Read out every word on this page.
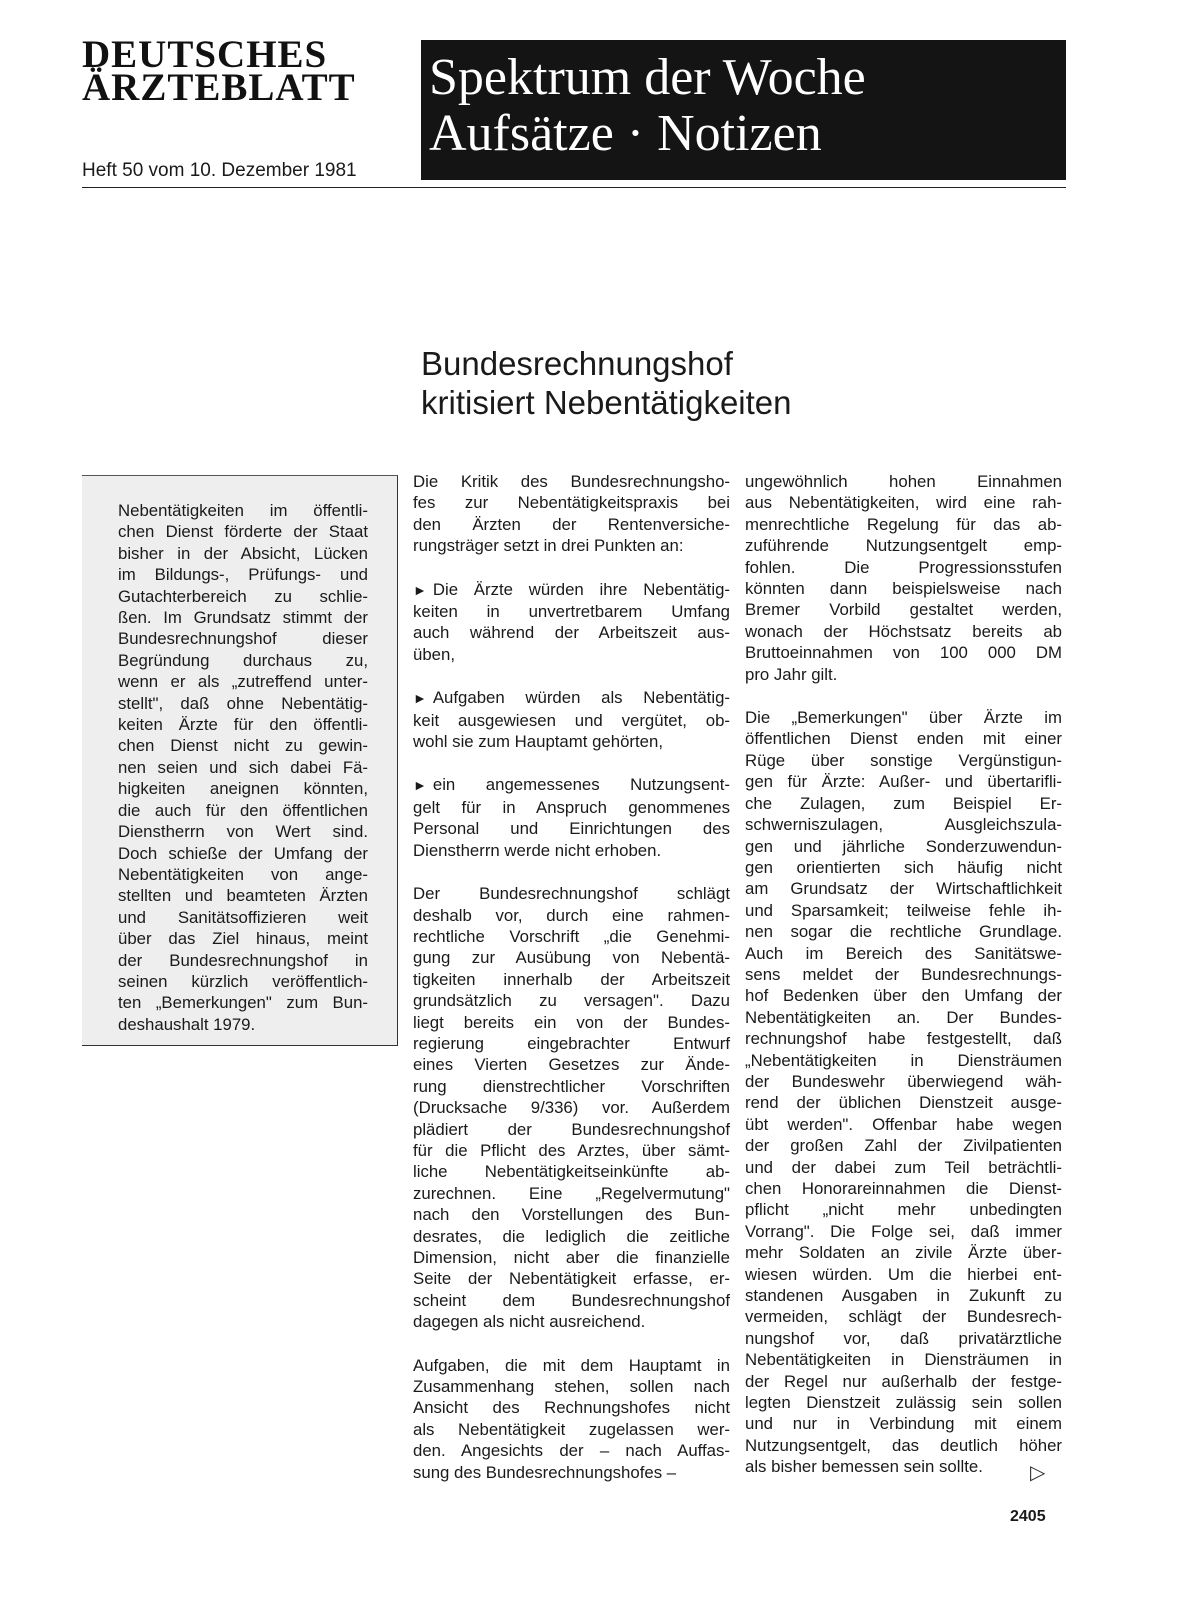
DEUTSCHES
ÄRZTEBLATT
Heft 50 vom 10. Dezember 1981
Spektrum der Woche
Aufsätze · Notizen
Bundesrechnungshof
kritisiert Nebentätigkeiten
Nebentätigkeiten im öffentli-
chen Dienst förderte der Staat
bisher in der Absicht, Lücken
im Bildungs-, Prüfungs- und
Gutachterbereich zu schlie-
ßen. Im Grundsatz stimmt der
Bundesrechnungshof dieser
Begründung durchaus zu,
wenn er als „zutreffend unter-
stellt", daß ohne Nebentätig-
keiten Ärzte für den öffentli-
chen Dienst nicht zu gewin-
nen seien und sich dabei Fä-
higkeiten aneignen könnten,
die auch für den öffentlichen
Dienstherrn von Wert sind.
Doch schieße der Umfang der
Nebentätigkeiten von ange-
stellten und beamteten Ärzten
und Sanitätsoffizieren weit
über das Ziel hinaus, meint
der Bundesrechnungshof in
seinen kürzlich veröffentlich-
ten „Bemerkungen" zum Bun-
deshaushalt 1979.

Die Kritik des Bundesrechnungsho-
fes zur Nebentätigkeitspraxis bei
den Ärzten der Rentenversiche-
rungsträger setzt in drei Punkten an:

► Die Ärzte würden ihre Nebentätig-
keiten in unvertretbarem Umfang
auch während der Arbeitszeit aus-
üben,

► Aufgaben würden als Nebentätig-
keit ausgewiesen und vergütet, ob-
wohl sie zum Hauptamt gehörten,

► ein angemessenes Nutzungsent-
gelt für in Anspruch genommenes
Personal und Einrichtungen des
Dienstherrn werde nicht erhoben.

Der Bundesrechnungshof schlägt
deshalb vor, durch eine rahmen-
rechtliche Vorschrift „die Genehmi-
gung zur Ausübung von Nebentä-
tigkeiten innerhalb der Arbeitszeit
grundsätzlich zu versagen". Dazu
liegt bereits ein von der Bundes-
regierung eingebrachter Entwurf
eines Vierten Gesetzes zur Ände-
rung dienstrechtlicher Vorschriften
(Drucksache 9/336) vor. Außerdem
plädiert der Bundesrechnungshof
für die Pflicht des Arztes, über sämt-
liche Nebentätigkeitseinkünfte ab-
zurechnen. Eine „Regelvermutung"
nach den Vorstellungen des Bun-
desrates, die lediglich die zeitliche
Dimension, nicht aber die finanzielle
Seite der Nebentätigkeit erfasse, er-
scheint dem Bundesrechnungshof
dagegen als nicht ausreichend.

Aufgaben, die mit dem Hauptamt in
Zusammenhang stehen, sollen nach
Ansicht des Rechnungshofes nicht
als Nebentätigkeit zugelassen wer-
den. Angesichts der – nach Auffas-
sung des Bundesrechnungshofes –

ungewöhnlich hohen Einnahmen
aus Nebentätigkeiten, wird eine rah-
menrechtliche Regelung für das ab-
zuführende Nutzungsentgelt emp-
fohlen. Die Progressionsstufen
könnten dann beispielsweise nach
Bremer Vorbild gestaltet werden,
wonach der Höchstsatz bereits ab
Bruttoeinnahmen von 100 000 DM
pro Jahr gilt.

Die „Bemerkungen" über Ärzte im
öffentlichen Dienst enden mit einer
Rüge über sonstige Vergünstigun-
gen für Ärzte: Außer- und übertarifli-
che Zulagen, zum Beispiel Er-
schwerniszulagen, Ausgleichszula-
gen und jährliche Sonderzuwendun-
gen orientierten sich häufig nicht
am Grundsatz der Wirtschaftlichkeit
und Sparsamkeit; teilweise fehle ih-
nen sogar die rechtliche Grundlage.
Auch im Bereich des Sanitätswe-
sens meldet der Bundesrechnungs-
hof Bedenken über den Umfang der
Nebentätigkeiten an. Der Bundes-
rechnungshof habe festgestellt, daß
„Nebentätigkeiten in Diensträumen
der Bundeswehr überwiegend wäh-
rend der üblichen Dienstzeit ausge-
übt werden". Offenbar habe wegen
der großen Zahl der Zivilpatienten
und der dabei zum Teil beträchtli-
chen Honorareinnahmen die Dienst-
pflicht „nicht mehr unbedingten
Vorrang". Die Folge sei, daß immer
mehr Soldaten an zivile Ärzte über-
wiesen würden. Um die hierbei ent-
standenen Ausgaben in Zukunft zu
vermeiden, schlägt der Bundesrech-
nungshof vor, daß privatärztliche
Nebentätigkeiten in Diensträumen in
der Regel nur außerhalb der festge-
legten Dienstzeit zulässig sein sollen
und nur in Verbindung mit einem
Nutzungsentgelt, das deutlich höher
als bisher bemessen sein sollte.	▷
2405
